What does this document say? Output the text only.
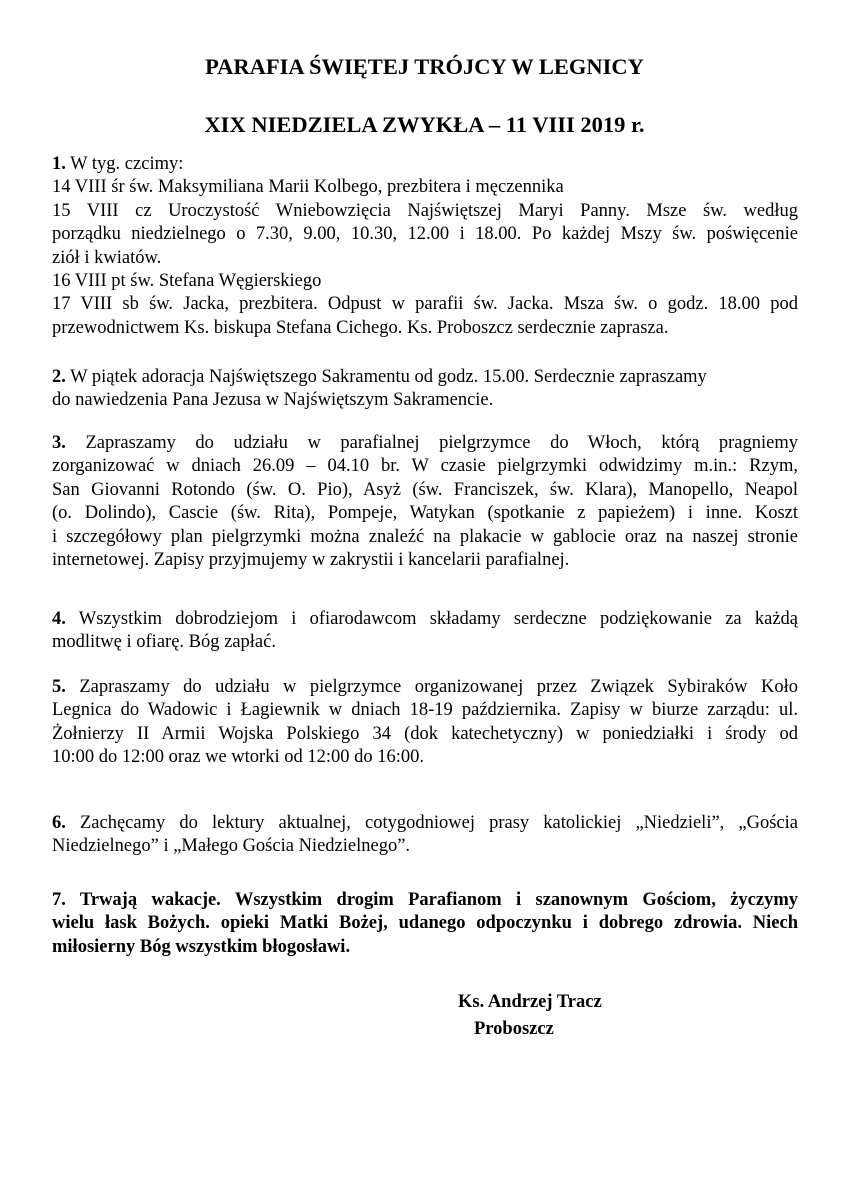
PARAFIA ŚWIĘTEJ TRÓJCY W LEGNICY
XIX NIEDZIELA ZWYKŁA – 11 VIII 2019 r.
1. W tyg. czcimy:
14 VIII śr św. Maksymiliana Marii Kolbego, prezbitera i męczennika
15 VIII cz Uroczystość Wniebowzięcia Najświętszej Maryi Panny. Msze św. według
porządku niedzielnego o 7.30, 9.00, 10.30, 12.00 i 18.00. Po każdej Mszy św. poświęcenie
ziół i kwiatów.
16 VIII pt św. Stefana Węgierskiego
17 VIII sb św. Jacka, prezbitera. Odpust w parafii św. Jacka. Msza św. o godz. 18.00 pod
przewodnictwem Ks. biskupa Stefana Cichego. Ks. Proboszcz serdecznie zaprasza.
2. W piątek adoracja Najświętszego Sakramentu od godz. 15.00. Serdecznie zapraszamy
do nawiedzenia Pana Jezusa w Najświętszym Sakramencie.
3. Zapraszamy do udziału w parafialnej pielgrzymce do Włoch, którą pragniemy
zorganizować w dniach 26.09 – 04.10 br. W czasie pielgrzymki odwidzimy m.in.: Rzym,
San Giovanni Rotondo (św. O. Pio), Asyż (św. Franciszek, św. Klara), Manopello, Neapol
(o. Dolindo), Cascie (św. Rita), Pompeje, Watykan (spotkanie z papieżem) i inne. Koszt
i szczegółowy plan pielgrzymki można znaleźć na plakacie w gablocie oraz na naszej stronie
internetowej. Zapisy przyjmujemy w zakrystii i kancelarii parafialnej.
4. Wszystkim dobrodziejom i ofiarodawcom składamy serdeczne podziękowanie za każdą
modlitwę i ofiarę. Bóg zapłać.
5. Zapraszamy do udziału w pielgrzymce organizowanej przez Związek Sybiraków Koło
Legnica do Wadowic i Łagiewnik w dniach 18-19 października. Zapisy w biurze zarządu: ul.
Żołnierzy II Armii Wojska Polskiego 34 (dok katechetyczny) w poniedziałki i środy od
10:00 do 12:00 oraz we wtorki od 12:00 do 16:00.
6. Zachęcamy do lektury aktualnej, cotygodniowej prasy katolickiej „Niedzieli”, „Gościa
Niedzielnego” i „Małego Gościa Niedzielnego”.
7. Trwają wakacje. Wszystkim drogim Parafianom i szanownym Gościom, życzymy
wielu łask Bożych. opieki Matki Bożej, udanego odpoczynku i dobrego zdrowia. Niech
miłosierny Bóg wszystkim błogosławi.
Ks. Andrzej Tracz
Proboszcz
